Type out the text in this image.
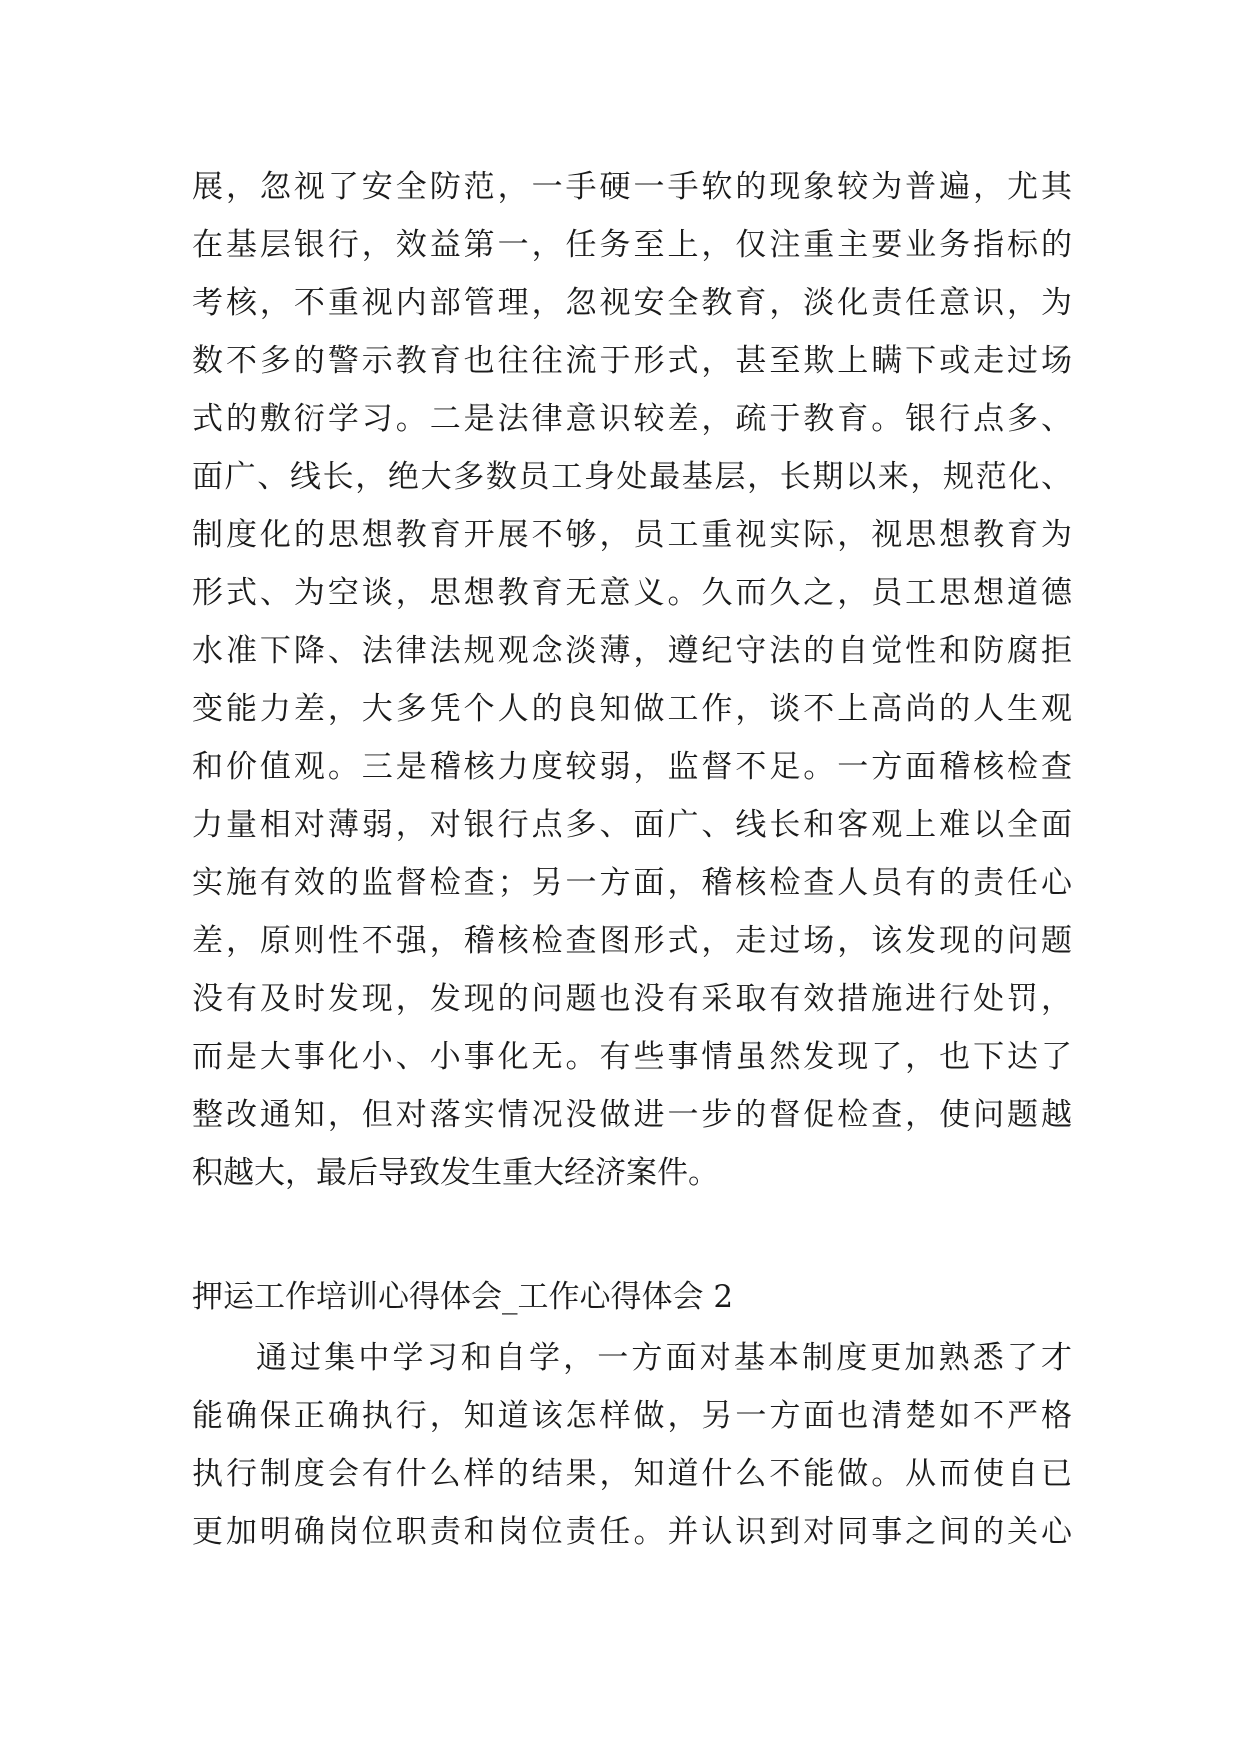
展，忽视了安全防范，一手硬一手软的现象较为普遍，尤其
在基层银行，效益第一，任务至上，仅注重主要业务指标的
考核，不重视内部管理，忽视安全教育，淡化责任意识，为
数不多的警示教育也往往流于形式，甚至欺上瞒下或走过场
式的敷衍学习。二是法律意识较差，疏于教育。银行点多、
面广、线长，绝大多数员工身处最基层，长期以来，规范化、
制度化的思想教育开展不够，员工重视实际，视思想教育为
形式、为空谈，思想教育无意义。久而久之，员工思想道德
水准下降、法律法规观念淡薄，遵纪守法的自觉性和防腐拒
变能力差，大多凭个人的良知做工作，谈不上高尚的人生观
和价值观。三是稽核力度较弱，监督不足。一方面稽核检查
力量相对薄弱，对银行点多、面广、线长和客观上难以全面
实施有效的监督检查；另一方面，稽核检查人员有的责任心
差，原则性不强，稽核检查图形式，走过场，该发现的问题
没有及时发现，发现的问题也没有采取有效措施进行处罚，
而是大事化小、小事化无。有些事情虽然发现了，也下达了
整改通知，但对落实情况没做进一步的督促检查，使问题越
积越大，最后导致发生重大经济案件。
押运工作培训心得体会_工作心得体会 2
通过集中学习和自学，一方面对基本制度更加熟悉了才
能确保正确执行，知道该怎样做，另一方面也清楚如不严格
执行制度会有什么样的结果，知道什么不能做。从而使自已
更加明确岗位职责和岗位责任。并认识到对同事之间的关心
